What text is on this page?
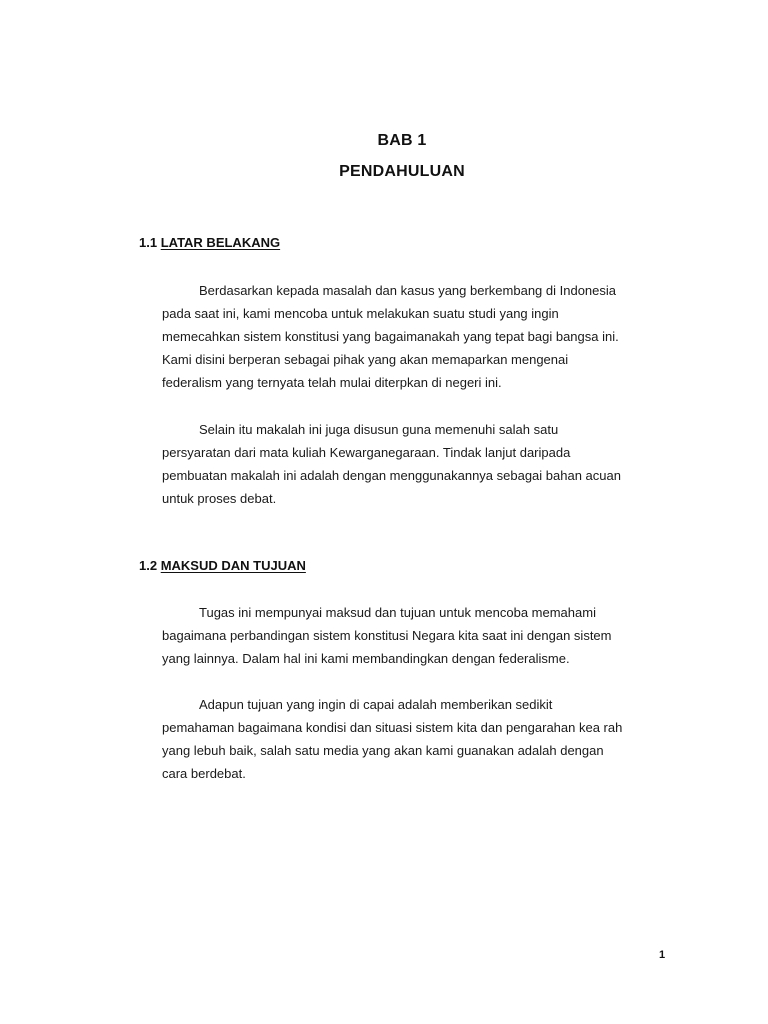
BAB 1
PENDAHULUAN
1.1 LATAR BELAKANG

Berdasarkan kepada masalah dan kasus yang berkembang di Indonesia
pada saat ini, kami mencoba untuk melakukan suatu studi yang ingin
memecahkan sistem konstitusi yang bagaimanakah yang tepat bagi bangsa ini.
Kami disini berperan sebagai pihak yang akan memaparkan mengenai
federalism yang ternyata telah mulai diterpkan di negeri ini.

Selain itu makalah ini juga disusun guna memenuhi salah satu
persyaratan dari mata kuliah Kewarganegaraan. Tindak lanjut daripada
pembuatan makalah ini adalah dengan menggunakannya sebagai bahan acuan
untuk proses debat.

1.2 MAKSUD DAN TUJUAN

Tugas ini mempunyai maksud dan tujuan untuk mencoba memahami
bagaimana perbandingan sistem konstitusi Negara kita saat ini dengan sistem
yang lainnya. Dalam hal ini kami membandingkan dengan federalisme.

Adapun tujuan yang ingin di capai adalah memberikan sedikit
pemahaman bagaimana kondisi dan situasi sistem kita dan pengarahan kea rah
yang lebuh baik, salah satu media yang akan kami guanakan adalah dengan
cara berdebat.

1
